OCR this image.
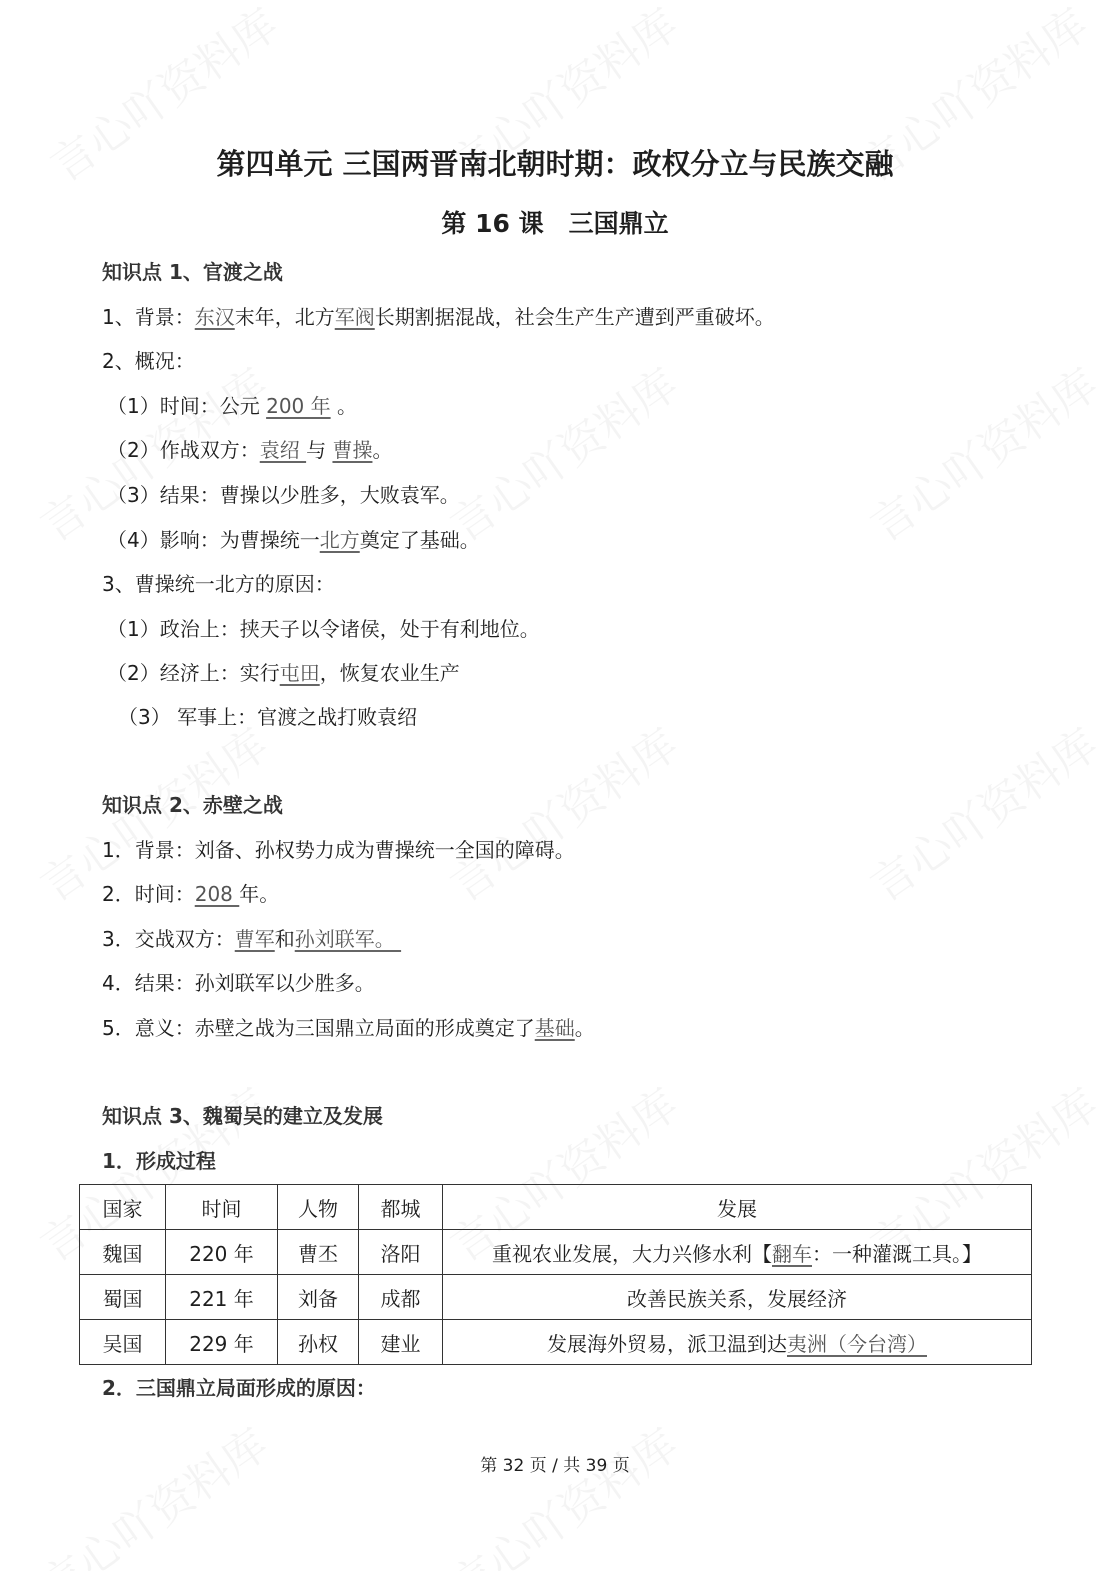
第四单元 三国两晋南北朝时期：政权分立与民族交融
第 16 课　三国鼎立
知识点 1、官渡之战
1、背景：东汉末年，北方军阀长期割据混战，社会生产生产遭到严重破坏。
2、概况：
（1）时间：公元 200 年 。
（2）作战双方：袁绍 与 曹操。
（3）结果：曹操以少胜多，大败袁军。
（4）影响：为曹操统一北方奠定了基础。
3、曹操统一北方的原因：
（1）政治上：挟天子以令诸侯，处于有利地位。
（2）经济上：实行屯田，恢复农业生产
（3） 军事上：官渡之战打败袁绍
知识点 2、赤壁之战
1．背景：刘备、孙权势力成为曹操统一全国的障碍。
2．时间：208 年。
3．交战双方：曹军和孙刘联军。
4．结果：孙刘联军以少胜多。
5．意义：赤壁之战为三国鼎立局面的形成奠定了基础。
知识点 3、魏蜀吴的建立及发展
1．形成过程
国家	时间	人物	都城	发展
魏国	220 年	曹丕	洛阳	重视农业发展，大力兴修水利【翻车：一种灌溉工具。】
蜀国	221 年	刘备	成都	改善民族关系，发展经济
吴国	229 年	孙权	建业	发展海外贸易，派卫温到达夷洲（今台湾）
2．三国鼎立局面形成的原因：
第 32 页 / 共 39 页
